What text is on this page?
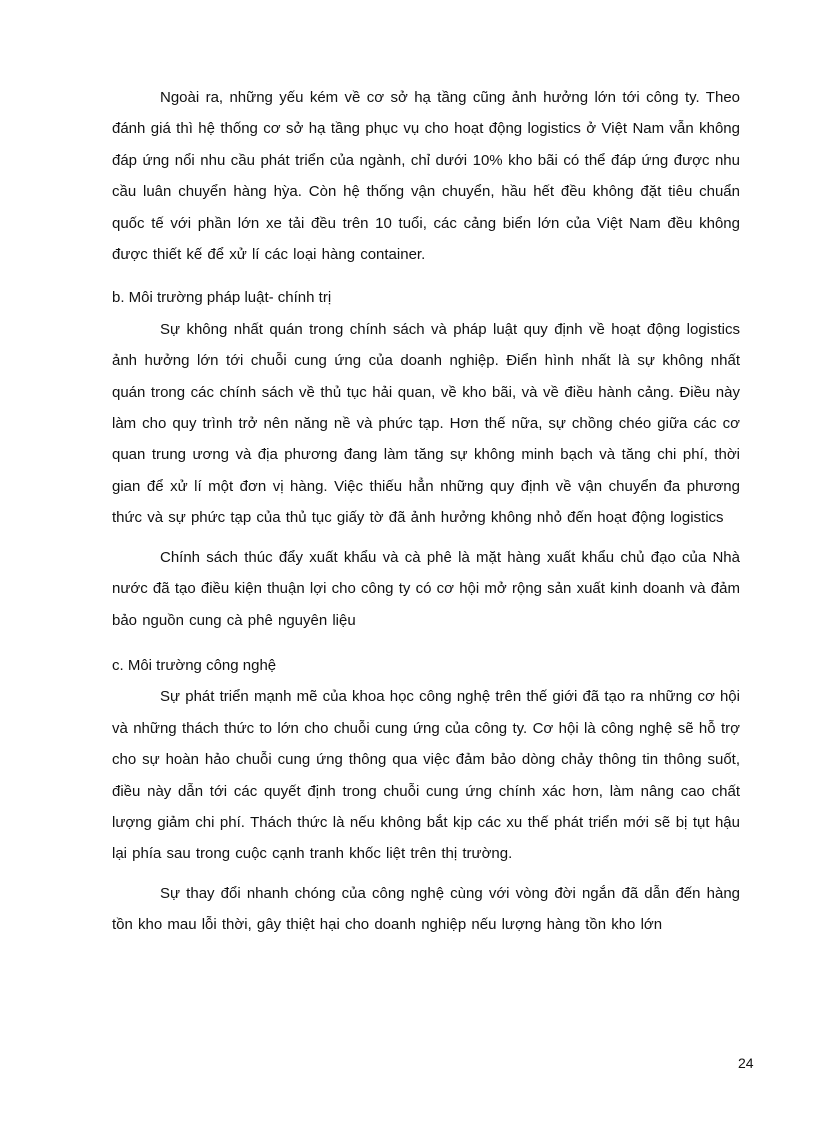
Ngoài ra, những yếu kém về cơ sở hạ tầng cũng ảnh hưởng lớn tới công ty. Theo đánh giá thì hệ thống cơ sở hạ tầng phục vụ cho hoạt động logistics ở Việt Nam vẫn không đáp ứng nổi nhu cầu phát triển của ngành, chỉ dưới 10% kho bãi có thể đáp ứng được nhu cầu luân chuyển hàng hỳa. Còn hệ thống vận chuyển, hầu hết đều không đặt tiêu chuẩn quốc tế với phần lớn xe tải đều trên 10 tuổi, các cảng biển lớn của Việt Nam đều không được thiết kế để xử lí các loại hàng container.

b. Môi trường pháp luật- chính trị

Sự không nhất quán trong chính sách và pháp luật quy định về hoạt động logistics ảnh hưởng lớn tới chuỗi cung ứng của doanh nghiệp. Điển hình nhất là sự không nhất quán trong các chính sách về thủ tục hải quan, về kho bãi, và về điều hành cảng. Điều này làm cho quy trình trở nên năng nề và phức tạp. Hơn thế nữa, sự chồng chéo giữa các cơ quan trung ương và địa phương đang làm tăng sự không minh bạch và tăng chi phí, thời gian để xử lí một đơn vị hàng. Việc thiếu hẳn những quy định về vận chuyển đa phương thức và sự phức tạp của thủ tục giấy tờ đã ảnh hưởng không nhỏ đến hoạt động logistics

Chính sách thúc đẩy xuất khẩu và cà phê là mặt hàng xuất khẩu chủ đạo của Nhà nước đã tạo điều kiện thuận lợi cho công ty có cơ hội mở rộng sản xuất kinh doanh và đảm bảo nguồn cung cà phê nguyên liệu

c. Môi trường công nghệ

Sự phát triển mạnh mẽ của khoa học công nghệ trên thế giới đã tạo ra những cơ hội và những thách thức to lớn cho chuỗi cung ứng của công ty. Cơ hội là công nghệ sẽ hỗ trợ cho sự hoàn hảo chuỗi cung ứng thông qua việc đảm bảo dòng chảy thông tin thông suốt, điều này dẫn tới các quyết định trong chuỗi cung ứng chính xác hơn, làm nâng cao chất lượng giảm chi phí. Thách thức là nếu không bắt kịp các xu thế phát triển mới sẽ bị tụt hậu lại phía sau trong cuộc cạnh tranh khốc liệt trên thị trường.

Sự thay đổi nhanh chóng của công nghệ cùng với vòng đời ngắn đã dẫn đến hàng tồn kho mau lỗi thời, gây thiệt hại cho doanh nghiệp nếu lượng hàng tồn kho lớn

24
